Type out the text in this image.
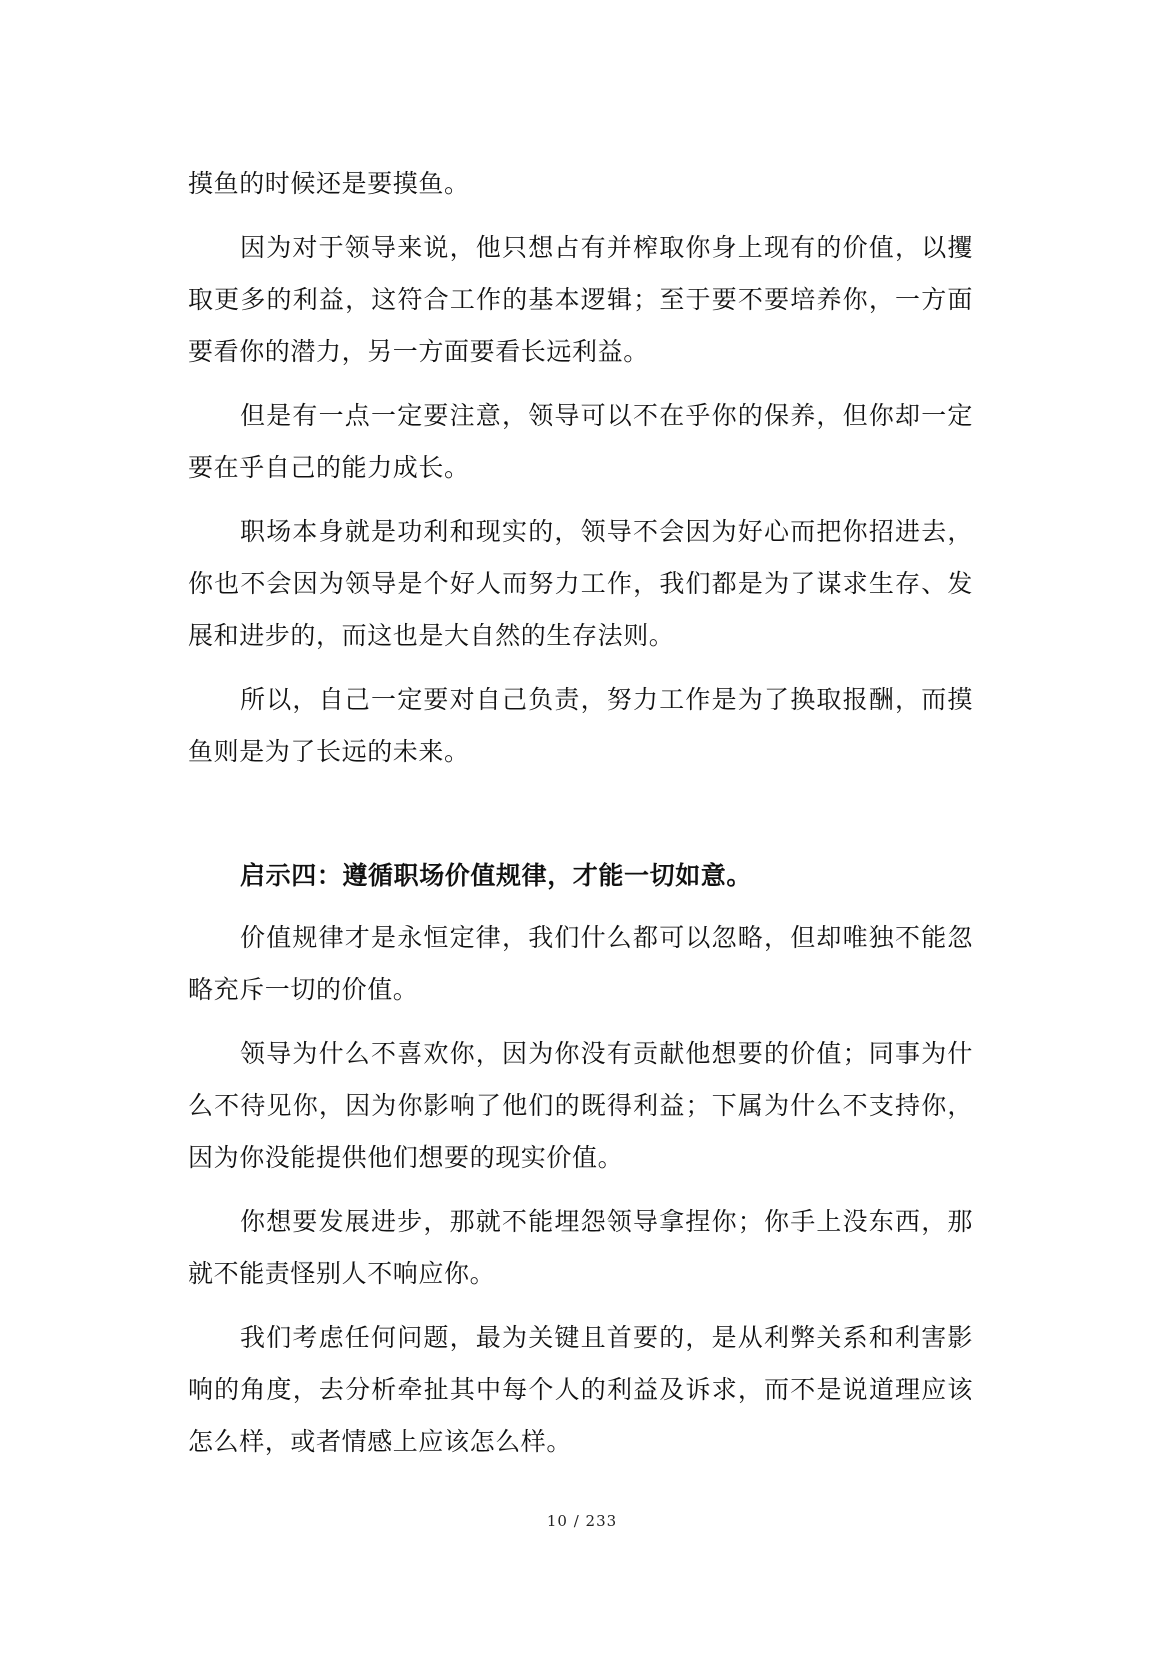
摸鱼的时候还是要摸鱼。

因为对于领导来说，他只想占有并榨取你身上现有的价值，以攫取更多的利益，这符合工作的基本逻辑；至于要不要培养你，一方面要看你的潜力，另一方面要看长远利益。

但是有一点一定要注意，领导可以不在乎你的保养，但你却一定要在乎自己的能力成长。

职场本身就是功利和现实的，领导不会因为好心而把你招进去，你也不会因为领导是个好人而努力工作，我们都是为了谋求生存、发展和进步的，而这也是大自然的生存法则。

所以，自己一定要对自己负责，努力工作是为了换取报酬，而摸鱼则是为了长远的未来。

启示四：遵循职场价值规律，才能一切如意。

价值规律才是永恒定律，我们什么都可以忽略，但却唯独不能忽略充斥一切的价值。

领导为什么不喜欢你，因为你没有贡献他想要的价值；同事为什么不待见你，因为你影响了他们的既得利益；下属为什么不支持你，因为你没能提供他们想要的现实价值。

你想要发展进步，那就不能埋怨领导拿捏你；你手上没东西，那就不能责怪别人不响应你。

我们考虑任何问题，最为关键且首要的，是从利弊关系和利害影响的角度，去分析牵扯其中每个人的利益及诉求，而不是说道理应该怎么样，或者情感上应该怎么样。

10 / 233
